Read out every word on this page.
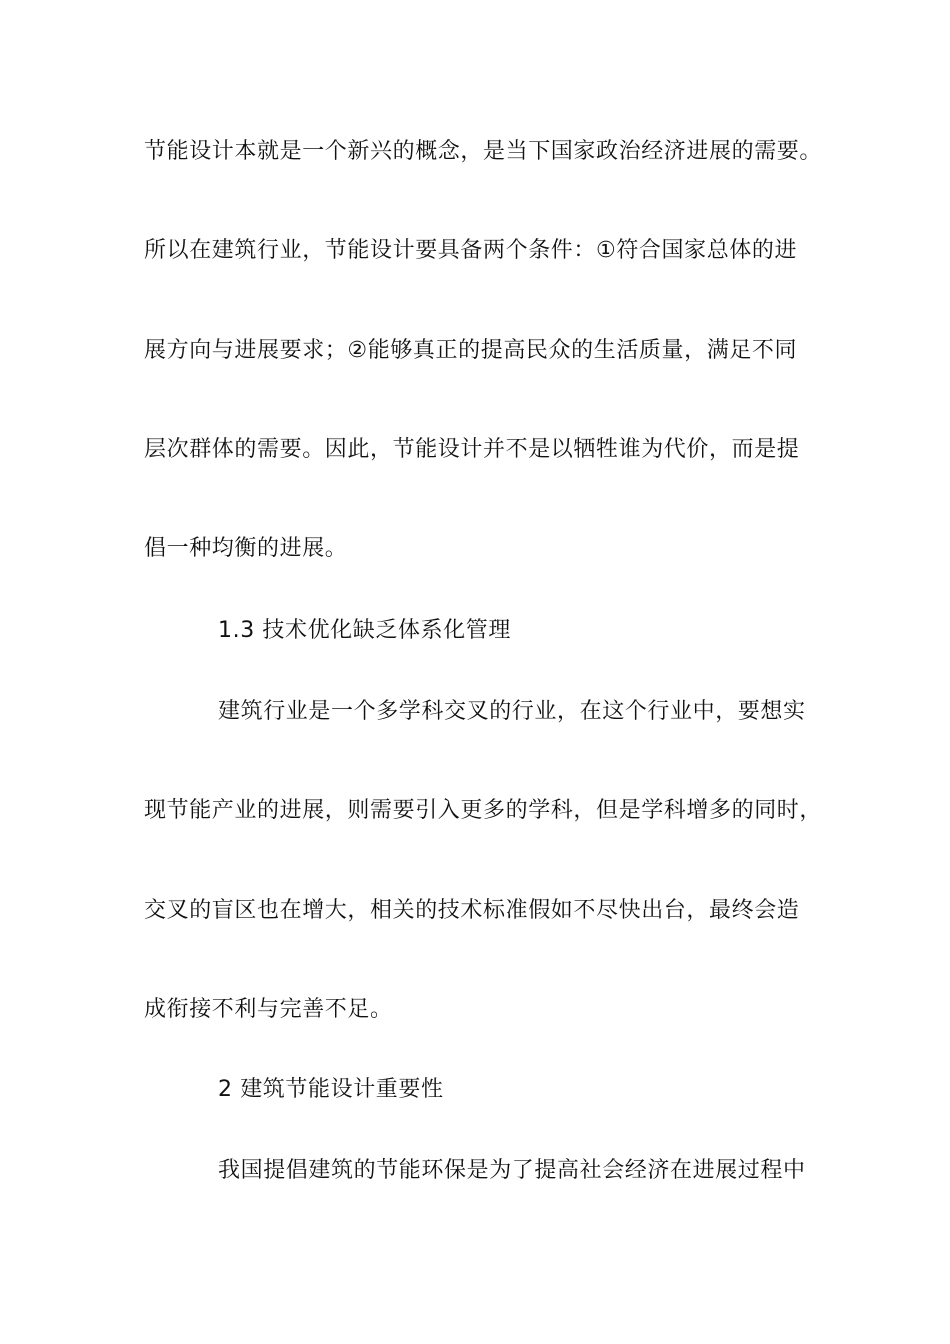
节能设计本就是一个新兴的概念，是当下国家政治经济进展的需要。
所以在建筑行业，节能设计要具备两个条件：①符合国家总体的进
展方向与进展要求；②能够真正的提高民众的生活质量，满足不同
层次群体的需要。因此，节能设计并不是以牺牲谁为代价，而是提
倡一种均衡的进展。
1.3 技术优化缺乏体系化管理
建筑行业是一个多学科交叉的行业，在这个行业中，要想实
现节能产业的进展，则需要引入更多的学科，但是学科增多的同时，
交叉的盲区也在增大，相关的技术标准假如不尽快出台，最终会造
成衔接不利与完善不足。
2 建筑节能设计重要性
我国提倡建筑的节能环保是为了提高社会经济在进展过程中
